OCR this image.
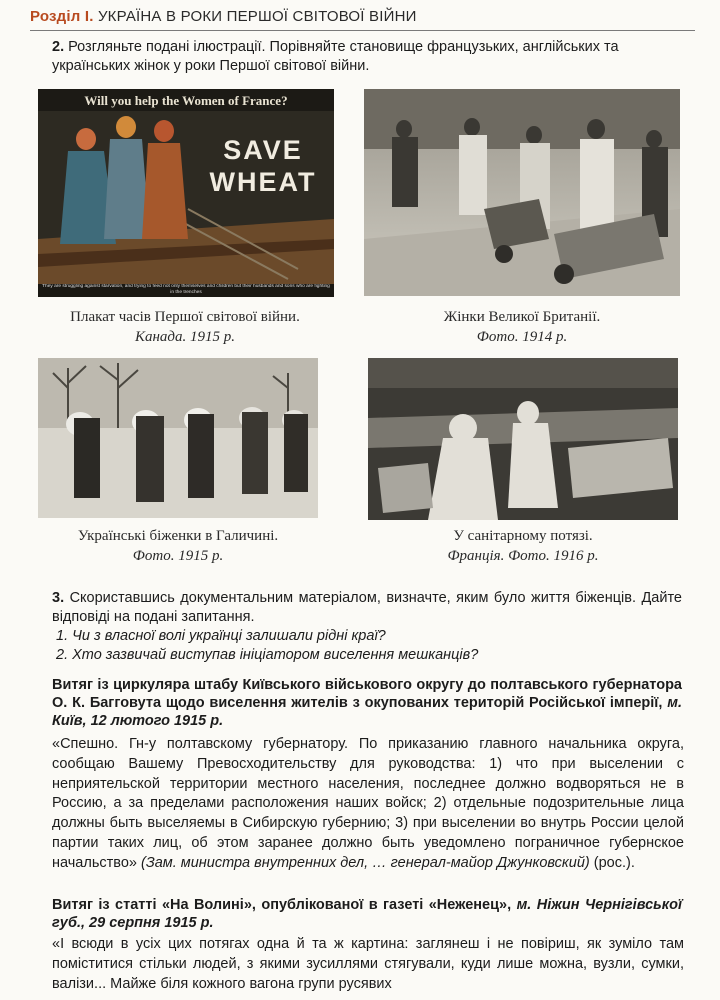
Розділ І. УКРАЇНА В РОКИ ПЕРШОЇ СВІТОВОЇ ВІЙНИ
2. Розгляньте подані ілюстрації. Порівняйте становище французьких, англійських та українських жінок у роки Першої світової війни.
Will you help the Women of France?
SAVE
WHEAT
They are struggling against starvation, and trying to feed not only themselves and children but their husbands and sons who are fighting in the trenches
Плакат часів Першої світової війни.
Канада. 1915 р.
Жінки Великої Британії.
Фото. 1914 р.
Українські біженки в Галичині.
Фото. 1915 р.
У санітарному потязі.
Франція. Фото. 1916 р.
3. Скориставшись документальним матеріалом, визначте, яким було життя біженців. Дайте відповіді на подані запитання.
1. Чи з власної волі українці залишали рідні краї?
2. Хто зазвичай виступав ініціатором виселення мешканців?
Витяг із циркуляра штабу Київського військового округу до полтавського губернатора О. К. Багговута щодо виселення жителів з окупованих територій Російської імперії, м. Київ, 12 лютого 1915 р.
«Спешно. Гн-у полтавскому губернатору. По приказанию главного начальника округа, сообщаю Вашему Превосходительству для руководства: 1) что при выселении с неприятельской территории местного населения, последнее должно водворяться не в Россию, а за пределами расположения наших войск; 2) отдельные подозрительные лица должны быть выселяемы в Сибирскую губернию; 3) при выселении во внутрь России целой партии таких лиц, об этом заранее должно быть уведомлено пограничное губернское начальство» (Зам. министра внутренних дел, … генерал-майор Джунковский) (рос.).
Витяг із статті «На Волині», опублікованої в газеті «Неженец», м. Ніжин Чернігівської губ., 29 серпня 1915 р.
«І всюди в усіх цих потягах одна й та ж картина: заглянеш і не повіриш, як зуміло там поміститися стільки людей, з якими зусиллями стягували, куди лише можна, вузли, сумки, валізи... Майже біля кожного вагона групи русявих
